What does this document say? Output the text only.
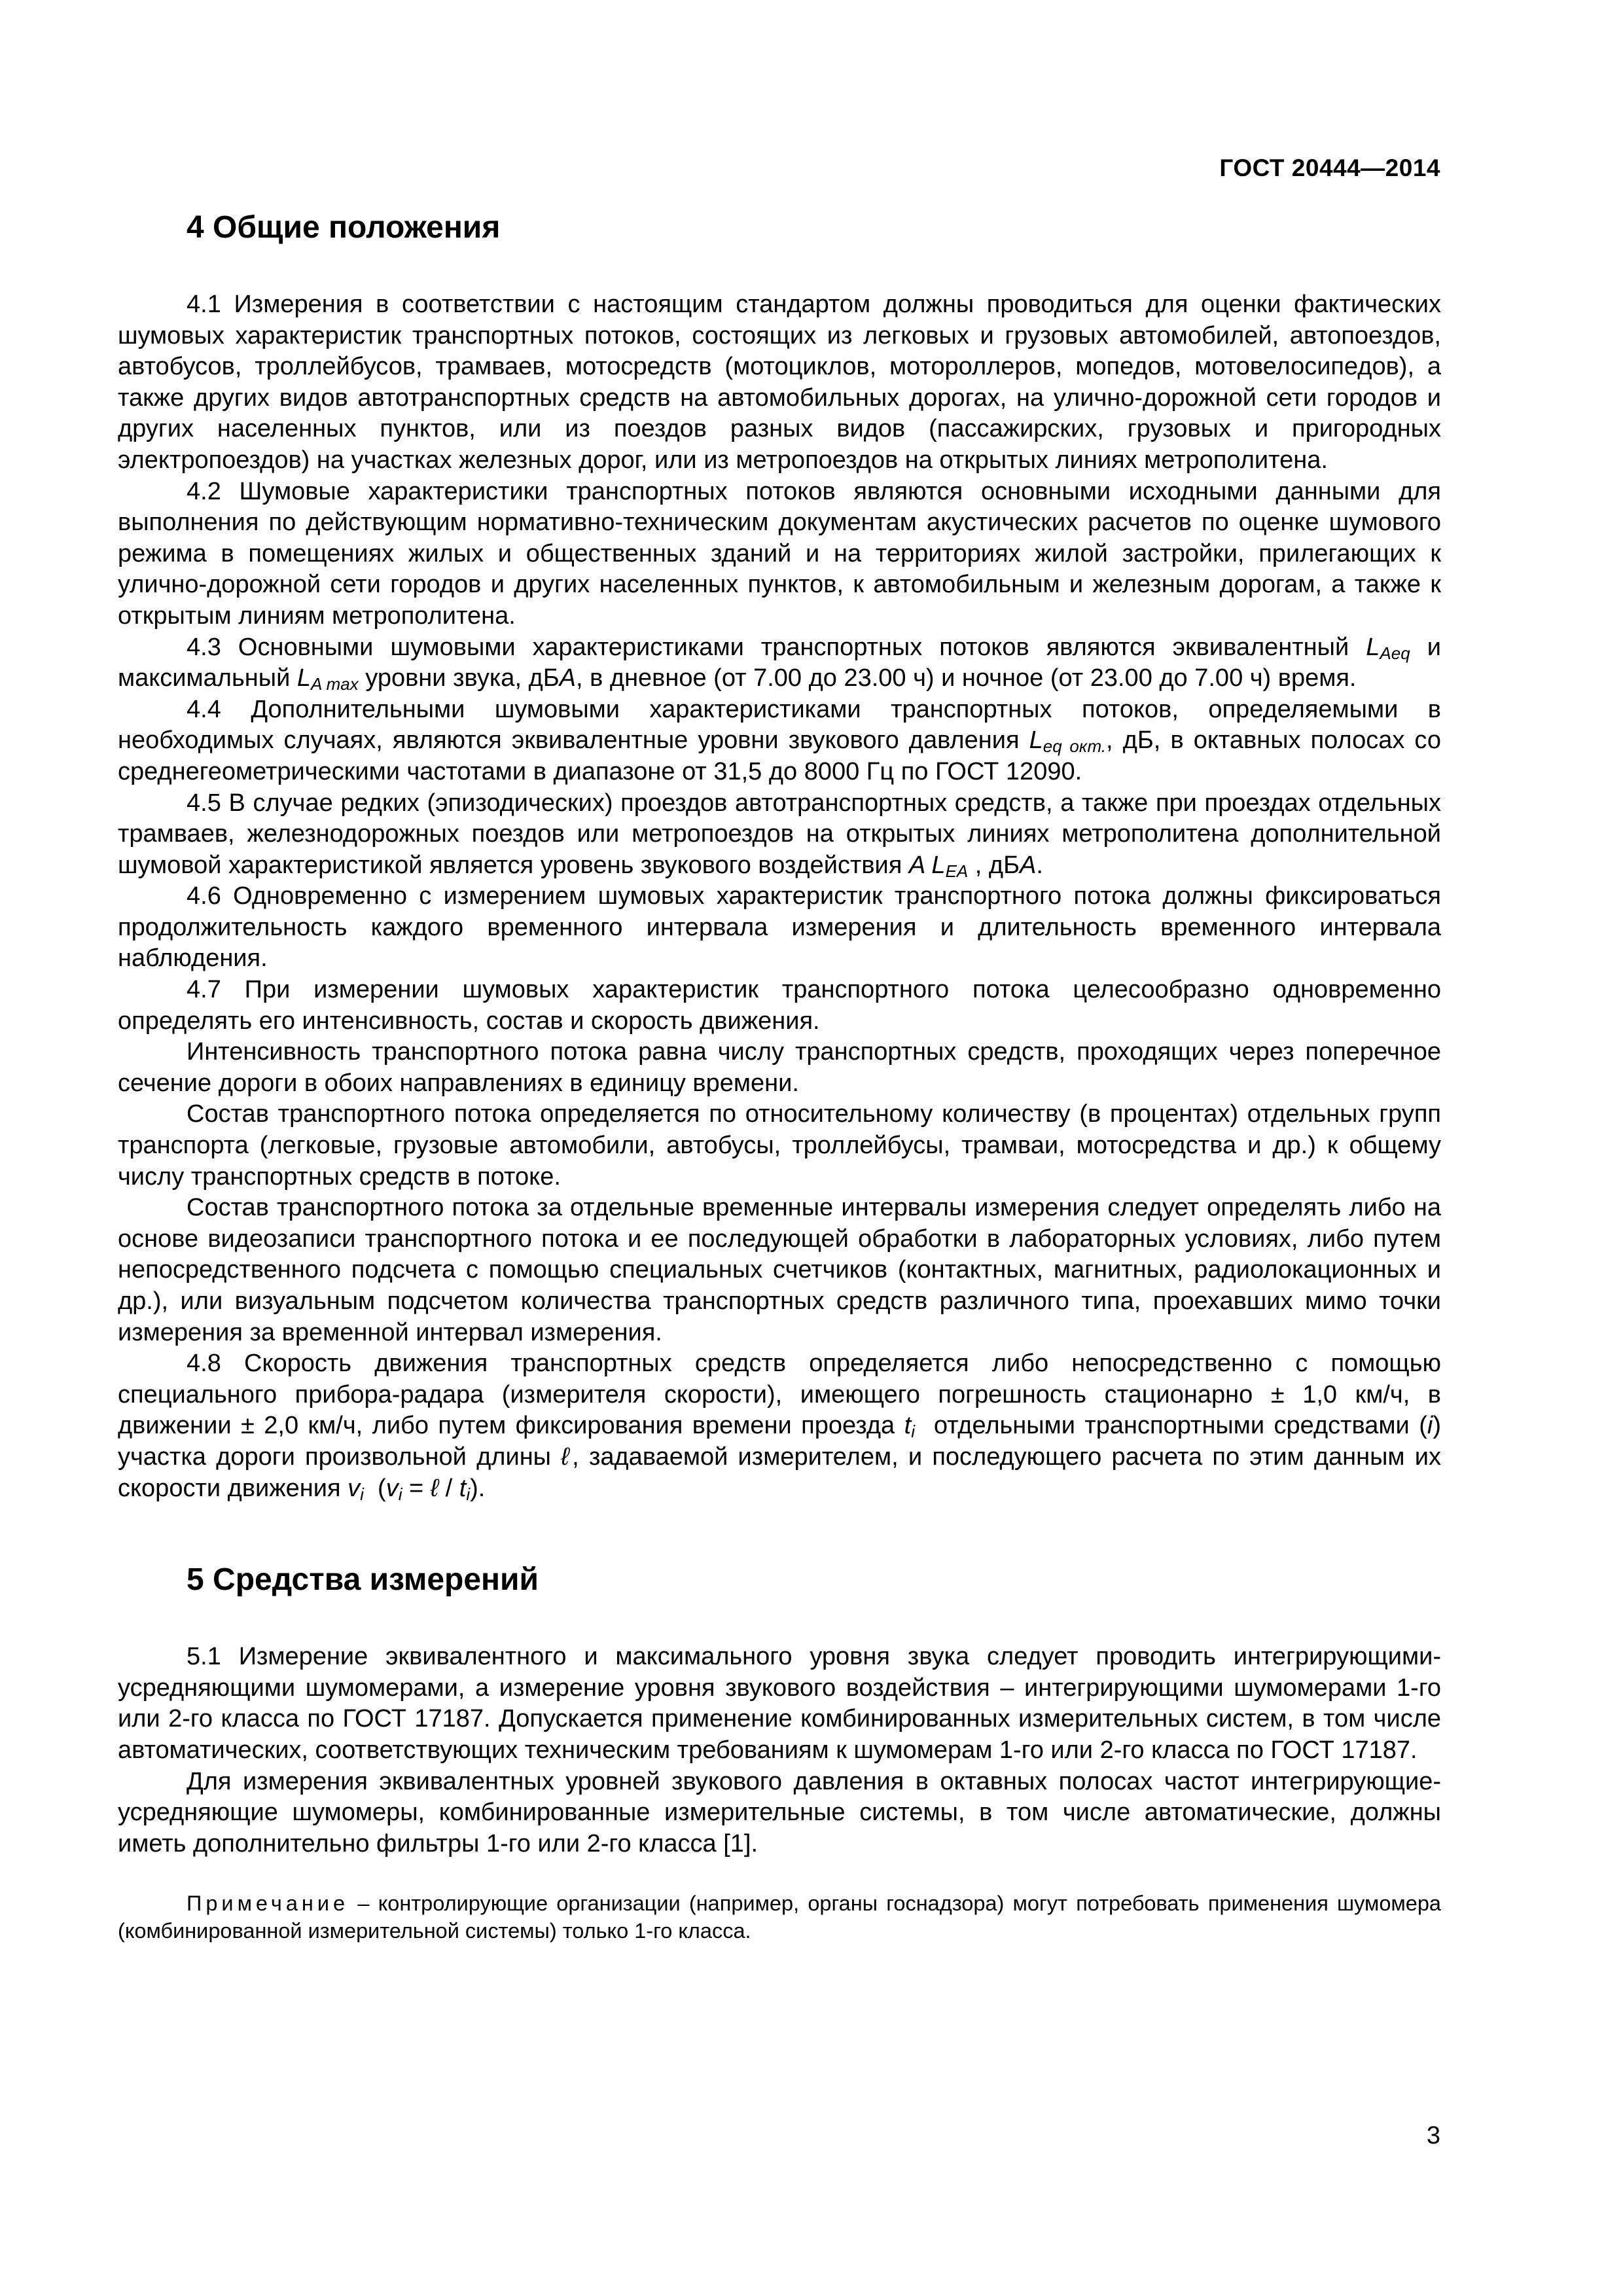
ГОСТ 20444—2014
4 Общие положения

4.1 Измерения в соответствии с настоящим стандартом должны проводиться для оценки фактических шумовых характеристик транспортных потоков, состоящих из легковых и грузовых автомобилей, автопоездов, автобусов, троллейбусов, трамваев, мотосредств (мотоциклов, мотороллеров, мопедов, мотовелосипедов), а также других видов автотранспортных средств на автомобильных дорогах, на улично-дорожной сети городов и других населенных пунктов, или из поездов разных видов (пассажирских, грузовых и пригородных электропоездов) на участках железных дорог, или из метропоездов на открытых линиях метрополитена.

4.2 Шумовые характеристики транспортных потоков являются основными исходными данными для выполнения по действующим нормативно-техническим документам акустических расчетов по оценке шумового режима в помещениях жилых и общественных зданий и на территориях жилой застройки, прилегающих к улично-дорожной сети городов и других населенных пунктов, к автомобильным и железным дорогам, а также к открытым линиям метрополитена.

4.3 Основными шумовыми характеристиками транспортных потоков являются эквивалентный $L_{Aeq}$ и максимальный $L_{A max}$ уровни звука, дБA, в дневное (от 7.00 до 23.00 ч) и ночное (от 23.00 до 7.00 ч) время.

4.4 Дополнительными шумовыми характеристиками транспортных потоков, определяемыми в необходимых случаях, являются эквивалентные уровни звукового давления $L_{eq окт.}$, дБ, в октавных полосах со среднегеометрическими частотами в диапазоне от 31,5 до 8000 Гц по ГОСТ 12090.

4.5 В случае редких (эпизодических) проездов автотранспортных средств, а также при проездах отдельных трамваев, железнодорожных поездов или метропоездов на открытых линиях метрополитена дополнительной шумовой характеристикой является уровень звукового воздействия A $L_{EA}$ , дБA.

4.6 Одновременно с измерением шумовых характеристик транспортного потока должны фиксироваться продолжительность каждого временного интервала измерения и длительность временного интервала наблюдения.

4.7 При измерении шумовых характеристик транспортного потока целесообразно одновременно определять его интенсивность, состав и скорость движения.

Интенсивность транспортного потока равна числу транспортных средств, проходящих через поперечное сечение дороги в обоих направлениях в единицу времени.

Состав транспортного потока определяется по относительному количеству (в процентах) отдельных групп транспорта (легковые, грузовые автомобили, автобусы, троллейбусы, трамваи, мотосредства и др.) к общему числу транспортных средств в потоке.

Состав транспортного потока за отдельные временные интервалы измерения следует определять либо на основе видеозаписи транспортного потока и ее последующей обработки в лабораторных условиях, либо путем непосредственного подсчета с помощью специальных счетчиков (контактных, магнитных, радиолокационных и др.), или визуальным подсчетом количества транспортных средств различного типа, проехавших мимо точки измерения за временной интервал измерения.

4.8 Скорость движения транспортных средств определяется либо непосредственно с помощью специального прибора-радара (измерителя скорости), имеющего погрешность стационарно ± 1,0 км/ч, в движении ± 2,0 км/ч, либо путем фиксирования времени проезда $t_i$  отдельными транспортными средствами (i) участка дороги произвольной длины ℓ, задаваемой измерителем, и последующего расчета по этим данным их скорости движения $v_i$  ($v_i$ = ℓ / $t_i$).

5 Средства измерений

5.1 Измерение эквивалентного и максимального уровня звука следует проводить интегрирующими-усредняющими шумомерами, а измерение уровня звукового воздействия – интегрирующими шумомерами 1-го или 2-го класса по ГОСТ 17187. Допускается применение комбинированных измерительных систем, в том числе автоматических, соответствующих техническим требованиям к шумомерам 1-го или 2-го класса по ГОСТ 17187.

Для измерения эквивалентных уровней звукового давления в октавных полосах частот интегрирующие-усредняющие шумомеры, комбинированные измерительные системы, в том числе автоматические, должны иметь дополнительно фильтры 1-го или 2-го класса [1].

Примечание – контролирующие организации (например, органы госнадзора) могут потребовать применения шумомера (комбинированной измерительной системы) только 1-го класса.
3
